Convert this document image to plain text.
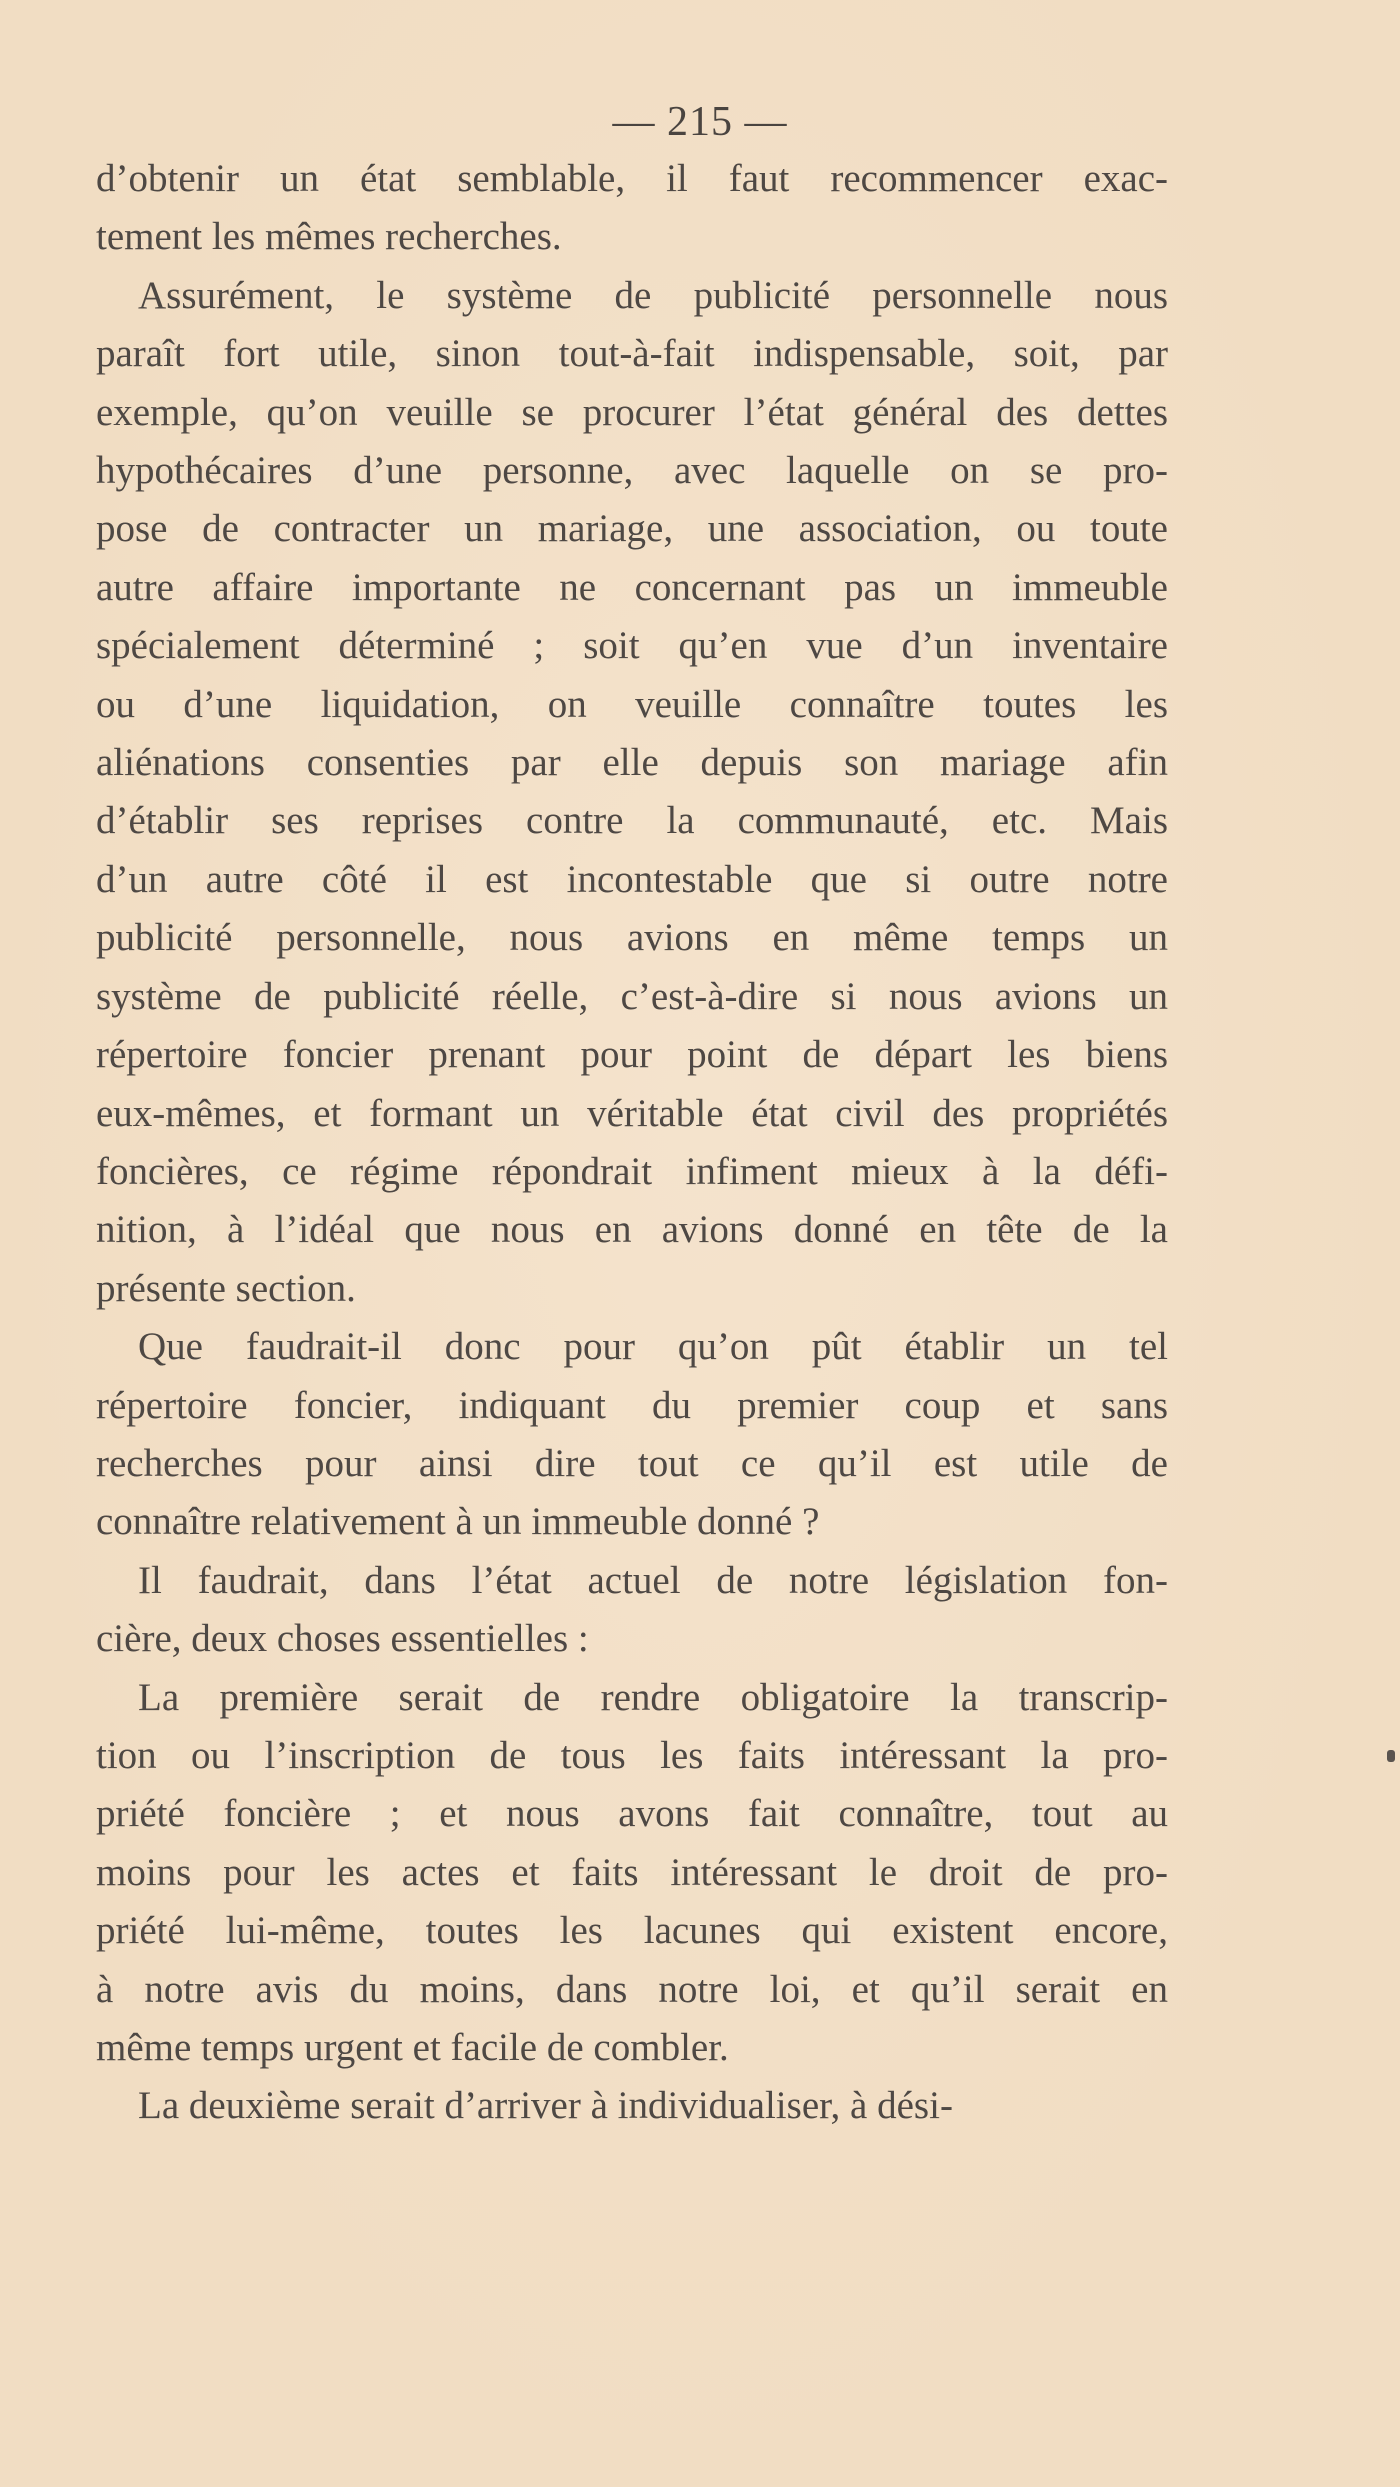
— 215 —
d’obtenir un état semblable, il faut recommencer exac-
tement les mêmes recherches.
Assurément, le système de publicité personnelle nous
paraît fort utile, sinon tout-à-fait indispensable, soit, par
exemple, qu’on veuille se procurer l’état général des dettes
hypothécaires d’une personne, avec laquelle on se pro-
pose de contracter un mariage, une association, ou toute
autre affaire importante ne concernant pas un immeuble
spécialement déterminé ; soit qu’en vue d’un inventaire
ou d’une liquidation, on veuille connaître toutes les
aliénations consenties par elle depuis son mariage afin
d’établir ses reprises contre la communauté, etc. Mais
d’un autre côté il est incontestable que si outre notre
publicité personnelle, nous avions en même temps un
système de publicité réelle, c’est-à-dire si nous avions un
répertoire foncier prenant pour point de départ les biens
eux-mêmes, et formant un véritable état civil des propriétés
foncières, ce régime répondrait infiment mieux à la défi-
nition, à l’idéal que nous en avions donné en tête de la
présente section.
Que faudrait-il donc pour qu’on pût établir un tel
répertoire foncier, indiquant du premier coup et sans
recherches pour ainsi dire tout ce qu’il est utile de
connaître relativement à un immeuble donné ?
Il faudrait, dans l’état actuel de notre législation fon-
cière, deux choses essentielles :
La première serait de rendre obligatoire la transcrip-
tion ou l’inscription de tous les faits intéressant la pro-
priété foncière ; et nous avons fait connaître, tout au
moins pour les actes et faits intéressant le droit de pro-
priété lui-même, toutes les lacunes qui existent encore,
à notre avis du moins, dans notre loi, et qu’il serait en
même temps urgent et facile de combler.
La deuxième serait d’arriver à individualiser, à dési-
